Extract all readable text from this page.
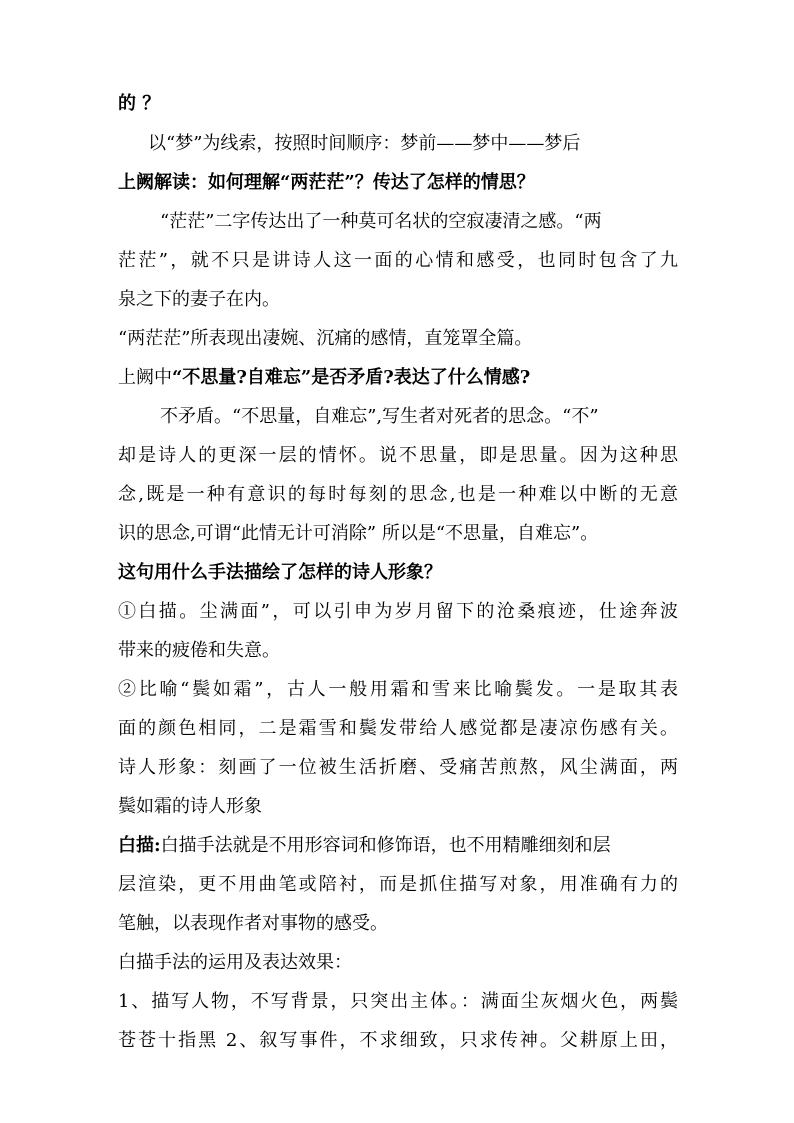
的 ？
以“梦”为线索，按照时间顺序：梦前——梦中——梦后
上阙解读：如何理解“两茫茫”？传达了怎样的情思？
“茫茫”二字传达出了一种莫可名状的空寂凄清之感。“两
茫茫”，就不只是讲诗人这一面的心情和感受，也同时包含了九
泉之下的妻子在内。
“两茫茫”所表现出凄婉、沉痛的感情，直笼罩全篇。
上阙中“不思量?自难忘”是否矛盾?表达了什么情感?
不矛盾。“不思量，自难忘”,写生者对死者的思念。“不”
却是诗人的更深一层的情怀。说不思量，即是思量。因为这种思
念,既是一种有意识的每时每刻的思念,也是一种难以中断的无意
识的思念,可谓“此情无计可消除” 所以是“不思量，自难忘”。
这句用什么手法描绘了怎样的诗人形象？
①白描。尘满面”，可以引申为岁月留下的沧桑痕迹，仕途奔波
带来的疲倦和失意。
②比喻“鬓如霜”，古人一般用霜和雪来比喻鬓发。一是取其表
面的颜色相同，二是霜雪和鬓发带给人感觉都是凄凉伤感有关。
诗人形象：刻画了一位被生活折磨、受痛苦煎熬，风尘满面，两
鬓如霜的诗人形象
白描:白描手法就是不用形容词和修饰语，也不用精雕细刻和层
层渲染，更不用曲笔或陪衬，而是抓住描写对象，用准确有力的
笔触，以表现作者对事物的感受。
白描手法的运用及表达效果：
1、描写人物，不写背景，只突出主体。：满面尘灰烟火色，两鬓
苍苍十指黑 2、叙写事件，不求细致，只求传神。父耕原上田，
